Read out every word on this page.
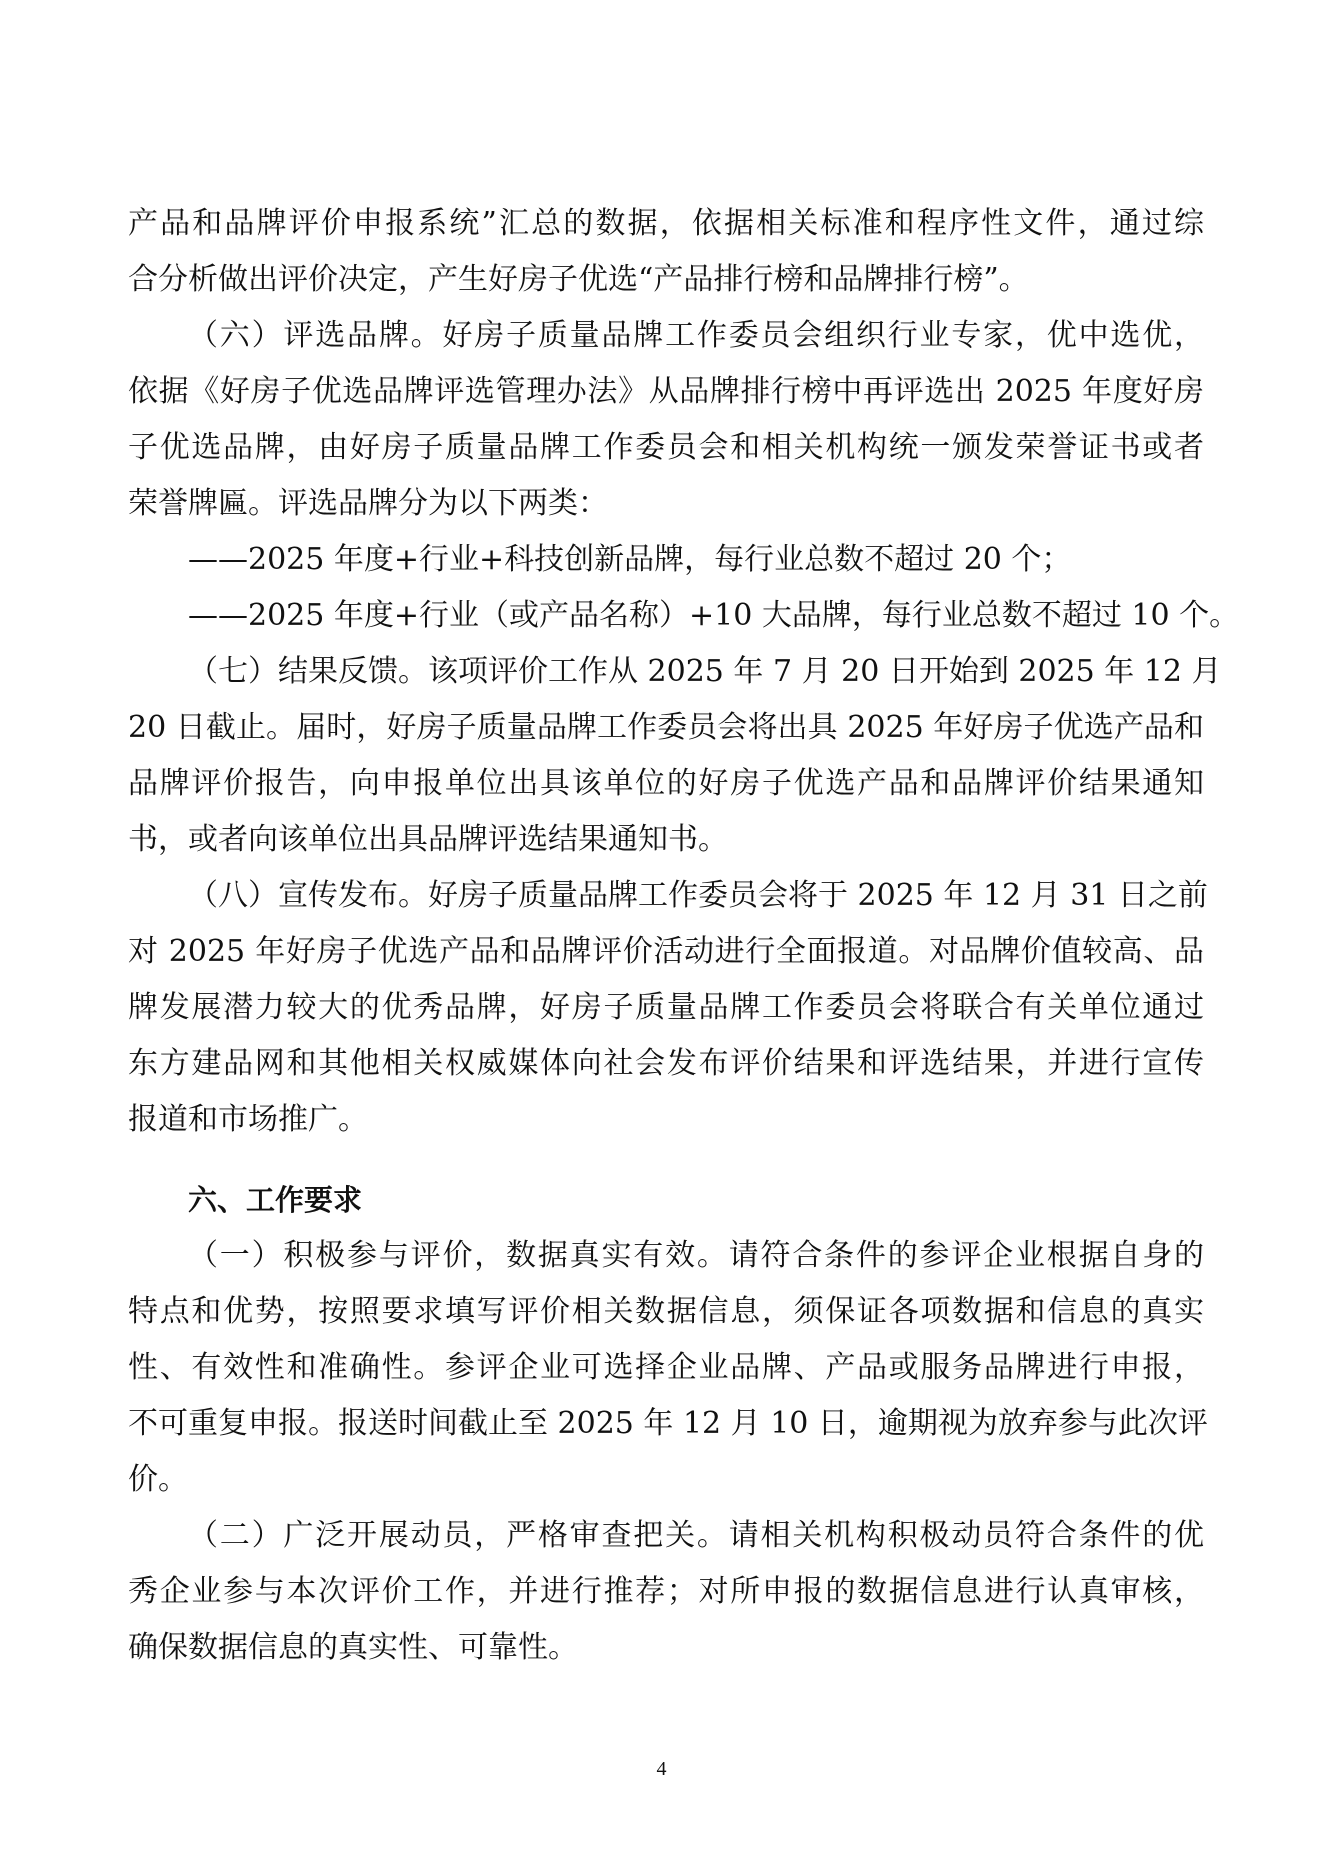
产品和品牌评价申报系统”汇总的数据，依据相关标准和程序性文件，通过综
合分析做出评价决定，产生好房子优选“产品排行榜和品牌排行榜”。
（六）评选品牌。好房子质量品牌工作委员会组织行业专家，优中选优，
依据《好房子优选品牌评选管理办法》从品牌排行榜中再评选出 2025 年度好房
子优选品牌，由好房子质量品牌工作委员会和相关机构统一颁发荣誉证书或者
荣誉牌匾。评选品牌分为以下两类：
——2025 年度+行业+科技创新品牌，每行业总数不超过 20 个；
——2025 年度+行业（或产品名称）+10 大品牌，每行业总数不超过 10 个。
（七）结果反馈。该项评价工作从 2025 年 7 月 20 日开始到 2025 年 12 月
20 日截止。届时，好房子质量品牌工作委员会将出具 2025 年好房子优选产品和
品牌评价报告，向申报单位出具该单位的好房子优选产品和品牌评价结果通知
书，或者向该单位出具品牌评选结果通知书。
（八）宣传发布。好房子质量品牌工作委员会将于 2025 年 12 月 31 日之前
对 2025 年好房子优选产品和品牌评价活动进行全面报道。对品牌价值较高、品
牌发展潜力较大的优秀品牌，好房子质量品牌工作委员会将联合有关单位通过
东方建品网和其他相关权威媒体向社会发布评价结果和评选结果，并进行宣传
报道和市场推广。
六、工作要求
（一）积极参与评价，数据真实有效。请符合条件的参评企业根据自身的
特点和优势，按照要求填写评价相关数据信息，须保证各项数据和信息的真实
性、有效性和准确性。参评企业可选择企业品牌、产品或服务品牌进行申报，
不可重复申报。报送时间截止至 2025 年 12 月 10 日，逾期视为放弃参与此次评
价。
（二）广泛开展动员，严格审查把关。请相关机构积极动员符合条件的优
秀企业参与本次评价工作，并进行推荐；对所申报的数据信息进行认真审核，
确保数据信息的真实性、可靠性。
4
